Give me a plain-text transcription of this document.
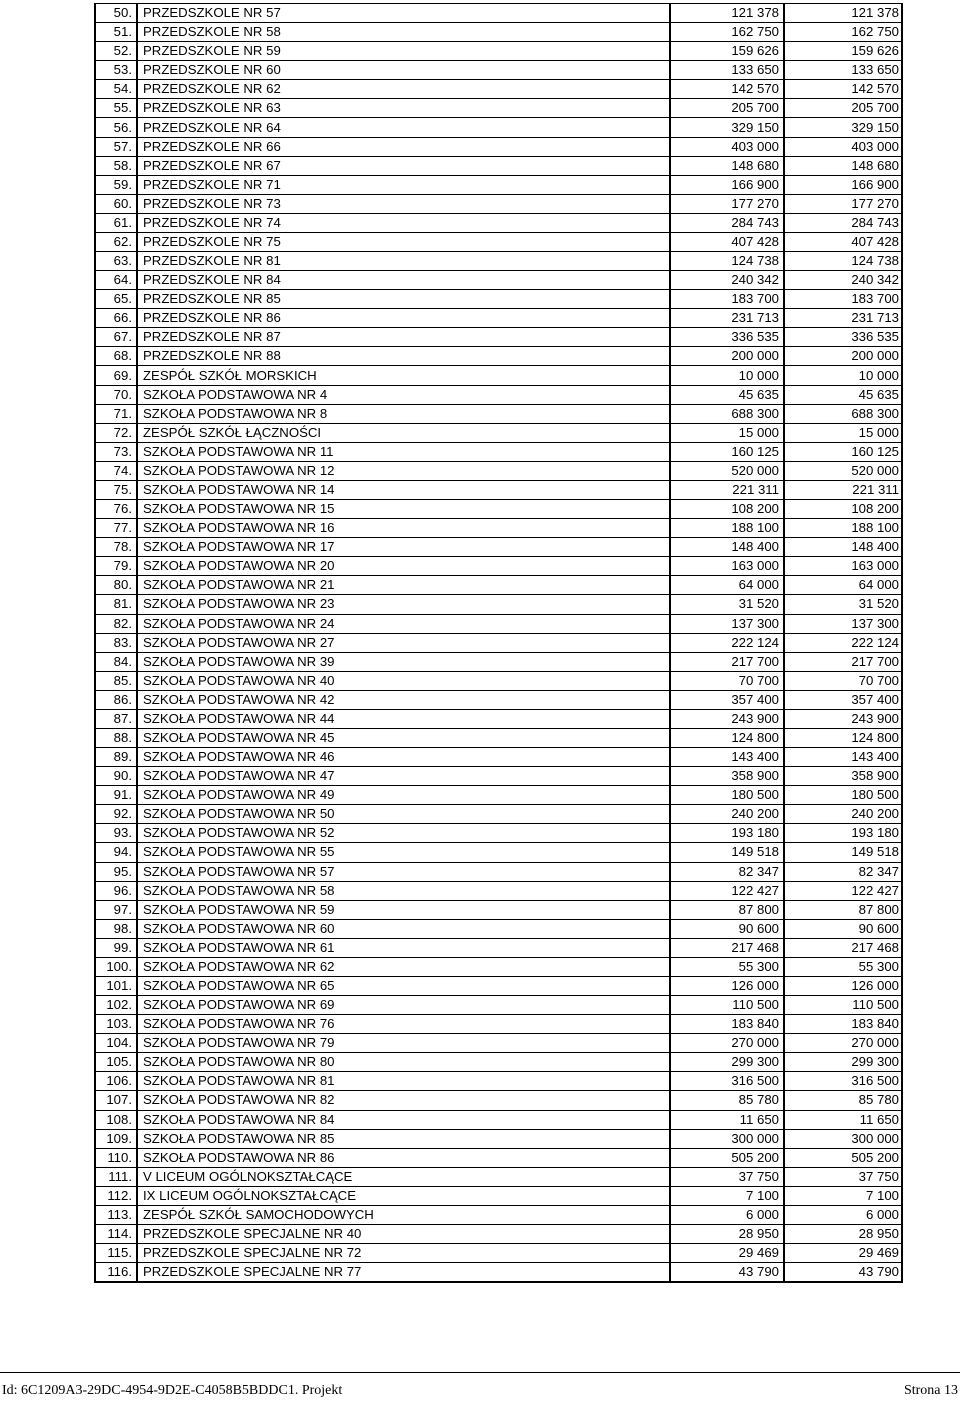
50.	PRZEDSZKOLE NR 57	121 378	121 378
51.	PRZEDSZKOLE NR 58	162 750	162 750
52.	PRZEDSZKOLE NR 59	159 626	159 626
53.	PRZEDSZKOLE NR 60	133 650	133 650
54.	PRZEDSZKOLE NR 62	142 570	142 570
55.	PRZEDSZKOLE NR 63	205 700	205 700
56.	PRZEDSZKOLE NR 64	329 150	329 150
57.	PRZEDSZKOLE NR 66	403 000	403 000
58.	PRZEDSZKOLE NR 67	148 680	148 680
59.	PRZEDSZKOLE NR 71	166 900	166 900
60.	PRZEDSZKOLE NR 73	177 270	177 270
61.	PRZEDSZKOLE NR 74	284 743	284 743
62.	PRZEDSZKOLE NR 75	407 428	407 428
63.	PRZEDSZKOLE NR 81	124 738	124 738
64.	PRZEDSZKOLE NR 84	240 342	240 342
65.	PRZEDSZKOLE NR 85	183 700	183 700
66.	PRZEDSZKOLE NR 86	231 713	231 713
67.	PRZEDSZKOLE NR 87	336 535	336 535
68.	PRZEDSZKOLE NR 88	200 000	200 000
69.	ZESPÓŁ SZKÓŁ MORSKICH	10 000	10 000
70.	SZKOŁA PODSTAWOWA NR 4	45 635	45 635
71.	SZKOŁA PODSTAWOWA NR 8	688 300	688 300
72.	ZESPÓŁ SZKÓŁ ŁĄCZNOŚCI	15 000	15 000
73.	SZKOŁA PODSTAWOWA NR 11	160 125	160 125
74.	SZKOŁA PODSTAWOWA NR 12	520 000	520 000
75.	SZKOŁA PODSTAWOWA NR 14	221 311	221 311
76.	SZKOŁA PODSTAWOWA NR 15	108 200	108 200
77.	SZKOŁA PODSTAWOWA NR 16	188 100	188 100
78.	SZKOŁA PODSTAWOWA NR 17	148 400	148 400
79.	SZKOŁA PODSTAWOWA NR 20	163 000	163 000
80.	SZKOŁA PODSTAWOWA NR 21	64 000	64 000
81.	SZKOŁA PODSTAWOWA NR 23	31 520	31 520
82.	SZKOŁA PODSTAWOWA NR 24	137 300	137 300
83.	SZKOŁA PODSTAWOWA NR 27	222 124	222 124
84.	SZKOŁA PODSTAWOWA NR 39	217 700	217 700
85.	SZKOŁA PODSTAWOWA NR 40	70 700	70 700
86.	SZKOŁA PODSTAWOWA NR 42	357 400	357 400
87.	SZKOŁA PODSTAWOWA NR 44	243 900	243 900
88.	SZKOŁA PODSTAWOWA NR 45	124 800	124 800
89.	SZKOŁA PODSTAWOWA NR 46	143 400	143 400
90.	SZKOŁA PODSTAWOWA NR 47	358 900	358 900
91.	SZKOŁA PODSTAWOWA NR 49	180 500	180 500
92.	SZKOŁA PODSTAWOWA NR 50	240 200	240 200
93.	SZKOŁA PODSTAWOWA NR 52	193 180	193 180
94.	SZKOŁA PODSTAWOWA NR 55	149 518	149 518
95.	SZKOŁA PODSTAWOWA NR 57	82 347	82 347
96.	SZKOŁA PODSTAWOWA NR 58	122 427	122 427
97.	SZKOŁA PODSTAWOWA NR 59	87 800	87 800
98.	SZKOŁA PODSTAWOWA NR 60	90 600	90 600
99.	SZKOŁA PODSTAWOWA NR 61	217 468	217 468
100.	SZKOŁA PODSTAWOWA NR 62	55 300	55 300
101.	SZKOŁA PODSTAWOWA NR 65	126 000	126 000
102.	SZKOŁA PODSTAWOWA NR 69	110 500	110 500
103.	SZKOŁA PODSTAWOWA NR 76	183 840	183 840
104.	SZKOŁA PODSTAWOWA NR 79	270 000	270 000
105.	SZKOŁA PODSTAWOWA NR 80	299 300	299 300
106.	SZKOŁA PODSTAWOWA NR 81	316 500	316 500
107.	SZKOŁA PODSTAWOWA NR 82	85 780	85 780
108.	SZKOŁA PODSTAWOWA NR 84	11 650	11 650
109.	SZKOŁA PODSTAWOWA NR 85	300 000	300 000
110.	SZKOŁA PODSTAWOWA NR 86	505 200	505 200
111.	V LICEUM OGÓLNOKSZTAŁCĄCE	37 750	37 750
112.	IX LICEUM OGÓLNOKSZTAŁCĄCE	7 100	7 100
113.	ZESPÓŁ SZKÓŁ SAMOCHODOWYCH	6 000	6 000
114.	PRZEDSZKOLE SPECJALNE NR 40	28 950	28 950
115.	PRZEDSZKOLE SPECJALNE NR 72	29 469	29 469
116.	PRZEDSZKOLE SPECJALNE NR 77	43 790	43 790
Id: 6C1209A3-29DC-4954-9D2E-C4058B5BDDC1. Projekt	Strona 13
